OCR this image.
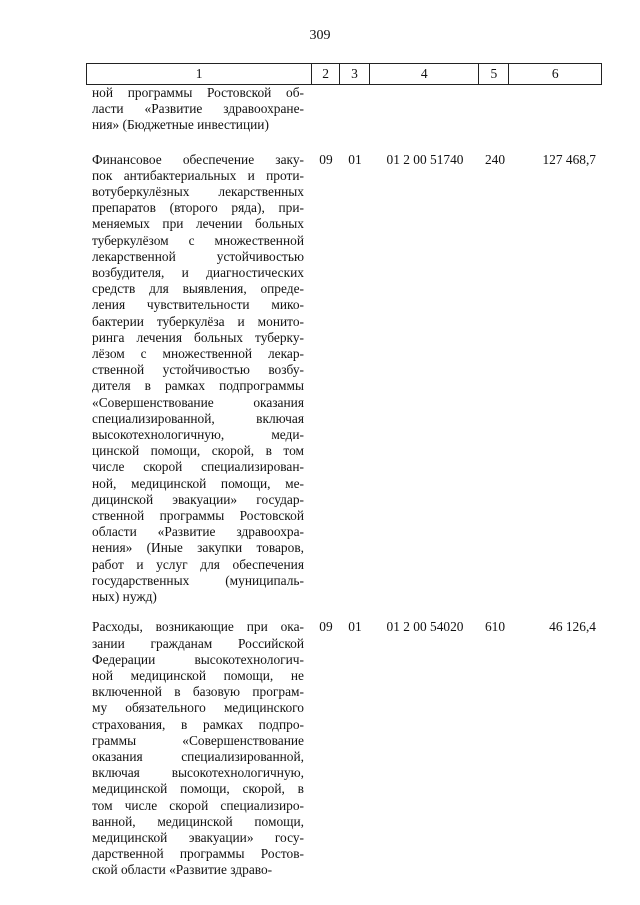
309
1	2	3	4	5	6
ной программы Ростовской об-
ласти «Развитие здравоохране-
ния» (Бюджетные инвестиции)
Финансовое обеспечение заку-
пок антибактериальных и проти-
вотуберкулёзных лекарственных
препаратов (второго ряда), при-
меняемых при лечении больных
туберкулёзом с множественной
лекарственной устойчивостью
возбудителя, и диагностических
средств для выявления, опреде-
ления чувствительности мико-
бактерии туберкулёза и монито-
ринга лечения больных туберку-
лёзом с множественной лекар-
ственной устойчивостью возбу-
дителя в рамках подпрограммы
«Совершенствование оказания
специализированной, включая
высокотехнологичную, меди-
цинской помощи, скорой, в том
числе скорой специализирован-
ной, медицинской помощи, ме-
дицинской эвакуации» государ-
ственной программы Ростовской
области «Развитие здравоохра-
нения» (Иные закупки товаров,
работ и услуг для обеспечения
государственных (муниципаль-
ных) нужд)
09	01	01 2 00 51740	240	127 468,7
Расходы, возникающие при ока-
зании гражданам Российской
Федерации высокотехнологич-
ной медицинской помощи, не
включенной в базовую програм-
му обязательного медицинского
страхования, в рамках подпро-
граммы «Совершенствование
оказания специализированной,
включая высокотехнологичную,
медицинской помощи, скорой, в
том числе скорой специализиро-
ванной, медицинской помощи,
медицинской эвакуации» госу-
дарственной программы Ростов-
ской области «Развитие здраво-
09	01	01 2 00 54020	610	46 126,4
